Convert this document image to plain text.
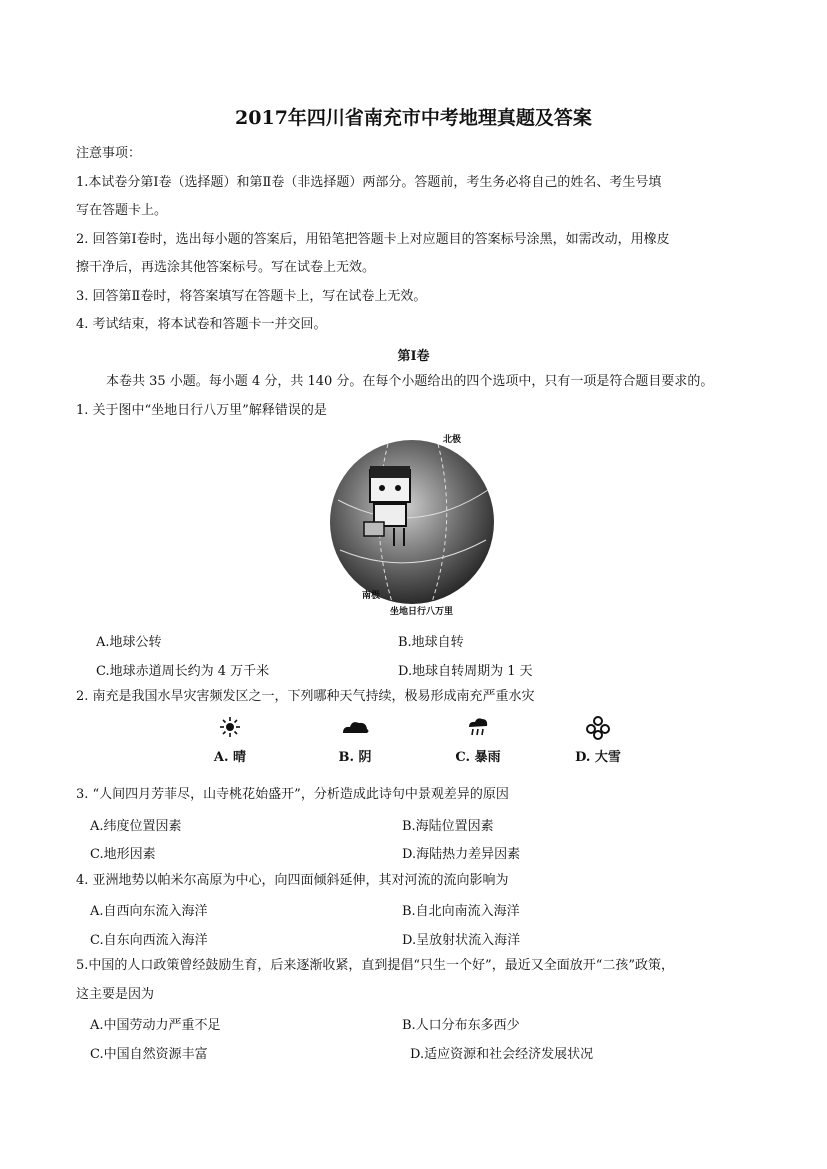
2017年四川省南充市中考地理真题及答案
注意事项：
1.本试卷分第Ⅰ卷（选择题）和第Ⅱ卷（非选择题）两部分。答题前，考生务必将自己的姓名、考生号填
写在答题卡上。
2. 回答第Ⅰ卷时，选出每小题的答案后，用铅笔把答题卡上对应题目的答案标号涂黑，如需改动，用橡皮
擦干净后，再选涂其他答案标号。写在试卷上无效。
3. 回答第Ⅱ卷时，将答案填写在答题卡上，写在试卷上无效。
4. 考试结束，将本试卷和答题卡一并交回。
第Ⅰ卷
本卷共 35 小题。每小题 4 分，共 140 分。在每个小题给出的四个选项中，只有一项是符合题目要求的。
1. 关于图中“坐地日行八万里”解释错误的是
北极
南极
坐地日行八万里
A.地球公转	B.地球自转
C.地球赤道周长约为 4 万千米	D.地球自转周期为 1 天
2. 南充是我国水旱灾害频发区之一，下列哪种天气持续，极易形成南充严重水灾
A. 晴	B. 阴	C. 暴雨	D. 大雪
3. “人间四月芳菲尽，山寺桃花始盛开”，分析造成此诗句中景观差异的原因
A.纬度位置因素	B.海陆位置因素
C.地形因素	D.海陆热力差异因素
4. 亚洲地势以帕米尔高原为中心，向四面倾斜延伸，其对河流的流向影响为
A.自西向东流入海洋	B.自北向南流入海洋
C.自东向西流入海洋	D.呈放射状流入海洋
5.中国的人口政策曾经鼓励生育，后来逐渐收紧，直到提倡“只生一个好”，最近又全面放开“二孩”政策，
这主要是因为
A.中国劳动力严重不足	B.人口分布东多西少
C.中国自然资源丰富	D.适应资源和社会经济发展状况
